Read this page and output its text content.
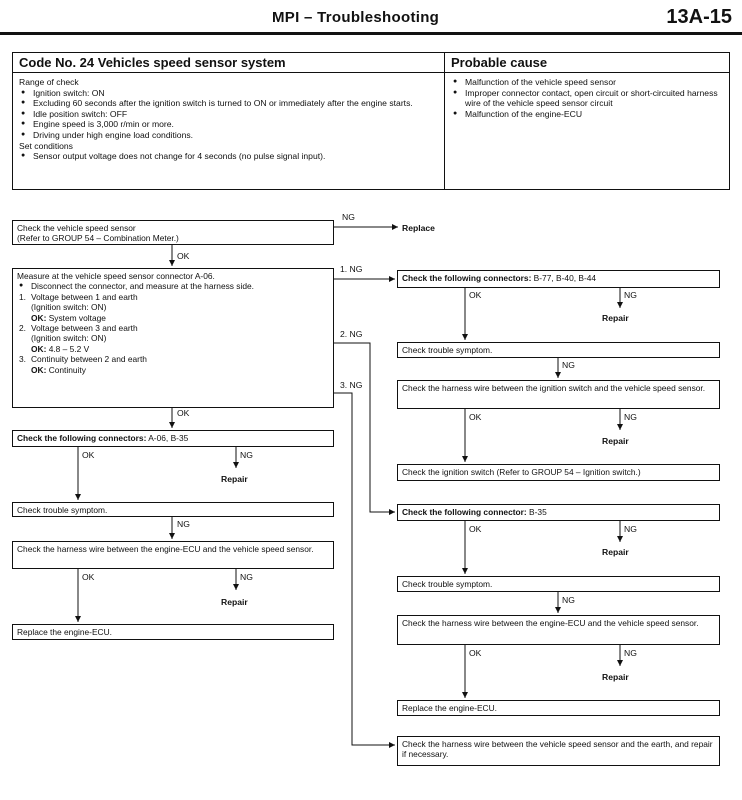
MPI – Troubleshooting	13A-15
Code No. 24 Vehicles speed sensor system	Probable cause
Range of check
● Ignition switch: ON
● Excluding 60 seconds after the ignition switch is turned to ON or immediately after the engine starts.
● Idle position switch: OFF
● Engine speed is 3,000 r/min or more.
● Driving under high engine load conditions.
Set conditions
● Sensor output voltage does not change for 4 seconds (no pulse signal input).
● Malfunction of the vehicle speed sensor
● Improper connector contact, open circuit or short-circuited harness wire of the vehicle speed sensor circuit
● Malfunction of the engine-ECU
Check the vehicle speed sensor
(Refer to GROUP 54 – Combination Meter.)
NG
Replace
OK
Measure at the vehicle speed sensor connector A-06.
● Disconnect the connector, and measure at the harness side.
1. Voltage between 1 and earth
(Ignition switch: ON)
OK: System voltage
2. Voltage between 3 and earth
(Ignition switch: ON)
OK: 4.8 – 5.2 V
3. Continuity between 2 and earth
OK: Continuity
1. NG
2. NG
3. NG
OK
Check the following connectors: A-06, B-35
OK	NG
Repair
Check trouble symptom.
NG
Check the harness wire between the engine-ECU and the vehicle speed sensor.
OK	NG
Repair
Replace the engine-ECU.
Check the following connectors: B-77, B-40, B-44
OK	NG
Repair
Check trouble symptom.
NG
Check the harness wire between the ignition switch and the vehicle speed sensor.
OK	NG
Repair
Check the ignition switch (Refer to GROUP 54 – Ignition switch.)
Check the following connector: B-35
OK	NG
Repair
Check trouble symptom.
NG
Check the harness wire between the engine-ECU and the vehicle speed sensor.
OK	NG
Repair
Replace the engine-ECU.
Check the harness wire between the vehicle speed sensor and the earth, and repair if necessary.
